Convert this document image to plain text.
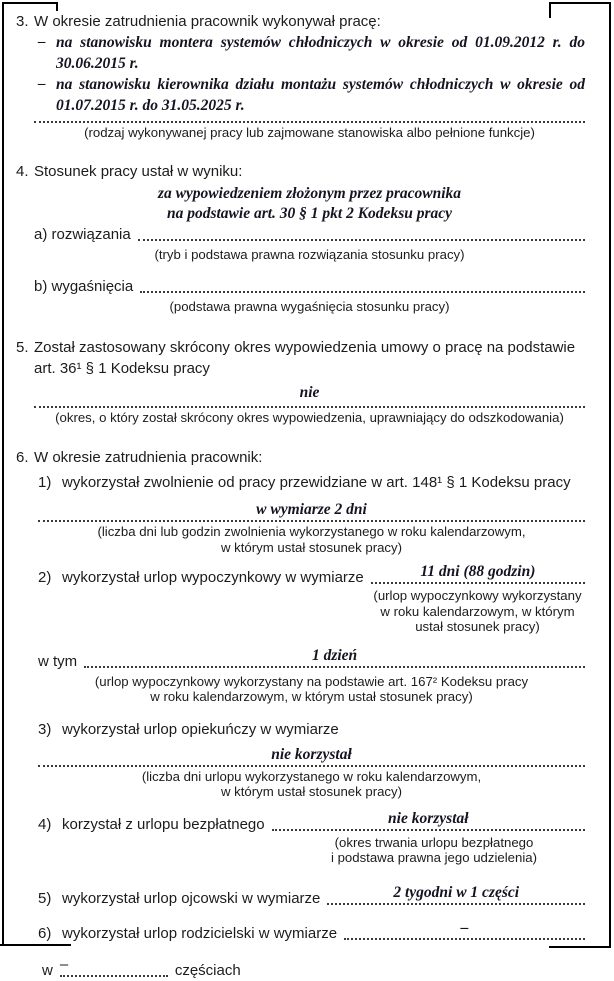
3. W okresie zatrudnienia pracownik wykonywał pracę:
– na stanowisku montera systemów chłodniczych w okresie od 01.09.2012 r. do 30.06.2015 r.
– na stanowisku kierownika działu montażu systemów chłodniczych w okresie od 01.07.2015 r. do 31.05.2025 r.
(rodzaj wykonywanej pracy lub zajmowane stanowiska albo pełnione funkcje)
4. Stosunek pracy ustał w wyniku:
za wypowiedzeniem złożonym przez pracownika
na podstawie art. 30 § 1 pkt 2 Kodeksu pracy
a) rozwiązania
(tryb i podstawa prawna rozwiązania stosunku pracy)
b) wygaśnięcia
(podstawa prawna wygaśnięcia stosunku pracy)
5. Został zastosowany skrócony okres wypowiedzenia umowy o pracę na podstawie art. 36¹ § 1 Kodeksu pracy
nie
(okres, o który został skrócony okres wypowiedzenia, uprawniający do odszkodowania)
6. W okresie zatrudnienia pracownik:
1) wykorzystał zwolnienie od pracy przewidziane w art. 148¹ § 1 Kodeksu pracy
w wymiarze 2 dni
(liczba dni lub godzin zwolnienia wykorzystanego w roku kalendarzowym,
w którym ustał stosunek pracy)
2) wykorzystał urlop wypoczynkowy w wymiarze	11 dni (88 godzin)
(urlop wypoczynkowy wykorzystany
w roku kalendarzowym, w którym
ustał stosunek pracy)
w tym	1 dzień
(urlop wypoczynkowy wykorzystany na podstawie art. 167² Kodeksu pracy
w roku kalendarzowym, w którym ustał stosunek pracy)
3) wykorzystał urlop opiekuńczy w wymiarze
nie korzystał
(liczba dni urlopu wykorzystanego w roku kalendarzowym,
w którym ustał stosunek pracy)
4) korzystał z urlopu bezpłatnego	nie korzystał
(okres trwania urlopu bezpłatnego
i podstawa prawna jego udzielenia)
5) wykorzystał urlop ojcowski w wymiarze	2 tygodni w 1 części
6) wykorzystał urlop rodzicielski w wymiarze	–
w –	częściach
